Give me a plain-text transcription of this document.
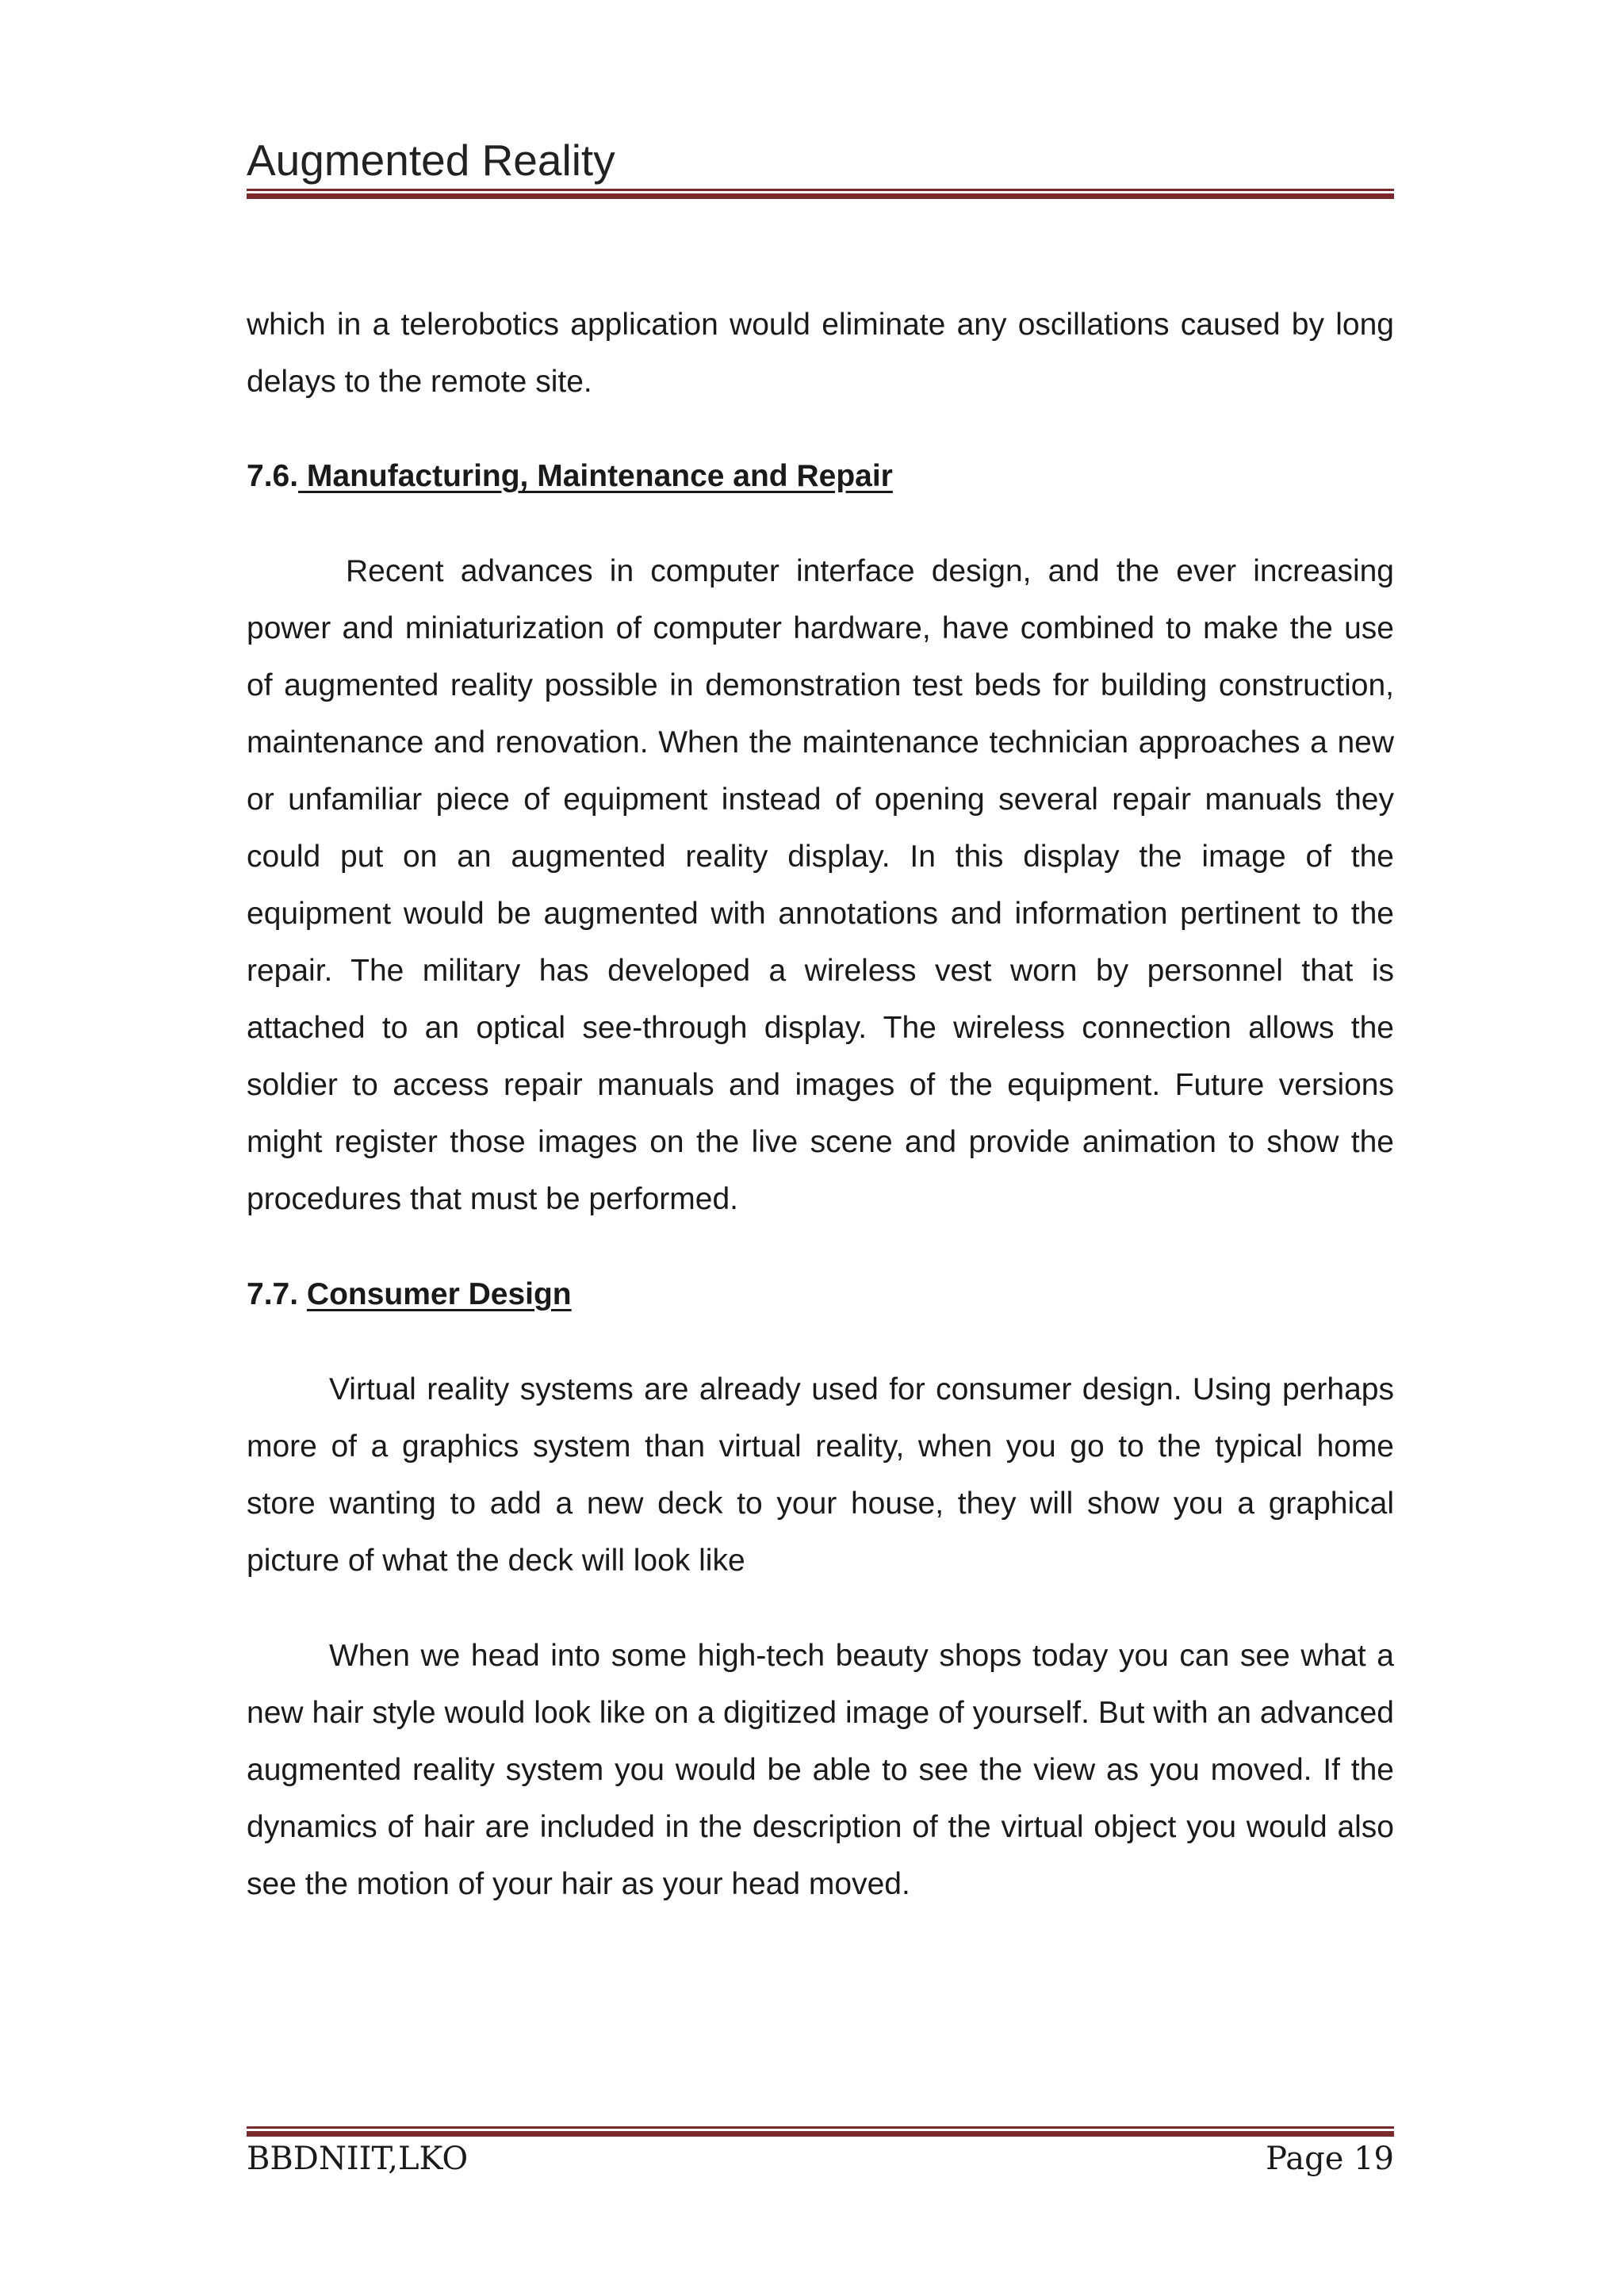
Augmented Reality

which in a telerobotics application would eliminate any oscillations caused by long delays to the remote site.

7.6. Manufacturing, Maintenance and Repair

Recent advances in computer interface design, and the ever increasing power and miniaturization of computer hardware, have combined to make the use of augmented reality possible in demonstration test beds for building construction, maintenance and renovation. When the maintenance technician approaches a new or unfamiliar piece of equipment instead of opening several repair manuals they could put on an augmented reality display. In this display the image of the equipment would be augmented with annotations and information pertinent to the repair. The military has developed a wireless vest worn by personnel that is attached to an optical see-through display. The wireless connection allows the soldier to access repair manuals and images of the equipment. Future versions might register those images on the live scene and provide animation to show the procedures that must be performed.

7.7. Consumer Design

Virtual reality systems are already used for consumer design. Using perhaps more of a graphics system than virtual reality, when you go to the typical home store wanting to add a new deck to your house, they will show you a graphical picture of what the deck will look like

When we head into some high-tech beauty shops today you can see what a new hair style would look like on a digitized image of yourself. But with an advanced augmented reality system you would be able to see the view as you moved. If the dynamics of hair are included in the description of the virtual object you would also see the motion of your hair as your head moved.

BBDNIIT,LKO	Page 19
